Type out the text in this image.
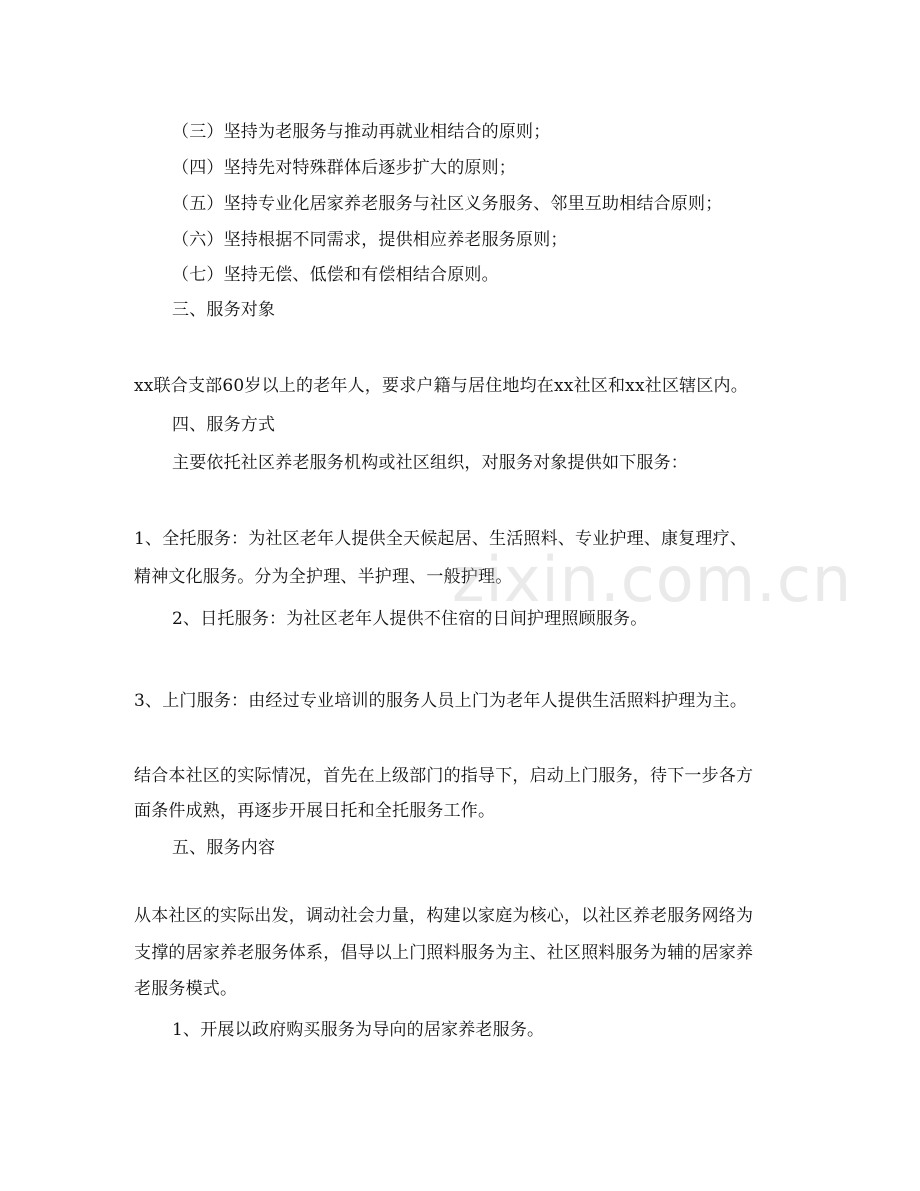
（三）坚持为老服务与推动再就业相结合的原则；
（四）坚持先对特殊群体后逐步扩大的原则；
（五）坚持专业化居家养老服务与社区义务服务、邻里互助相结合原则；
（六）坚持根据不同需求，提供相应养老服务原则；
（七）坚持无偿、低偿和有偿相结合原则。
三、服务对象
xx联合支部60岁以上的老年人，要求户籍与居住地均在xx社区和xx社区辖区内。
四、服务方式
主要依托社区养老服务机构或社区组织，对服务对象提供如下服务：
1、全托服务：为社区老年人提供全天候起居、生活照料、专业护理、康复理疗、
精神文化服务。分为全护理、半护理、一般护理。
2、日托服务：为社区老年人提供不住宿的日间护理照顾服务。
3、上门服务：由经过专业培训的服务人员上门为老年人提供生活照料护理为主。
结合本社区的实际情况，首先在上级部门的指导下，启动上门服务，待下一步各方
面条件成熟，再逐步开展日托和全托服务工作。
五、服务内容
从本社区的实际出发，调动社会力量，构建以家庭为核心，以社区养老服务网络为
支撑的居家养老服务体系，倡导以上门照料服务为主、社区照料服务为辅的居家养
老服务模式。
1、开展以政府购买服务为导向的居家养老服务。
zixin.com.cn
